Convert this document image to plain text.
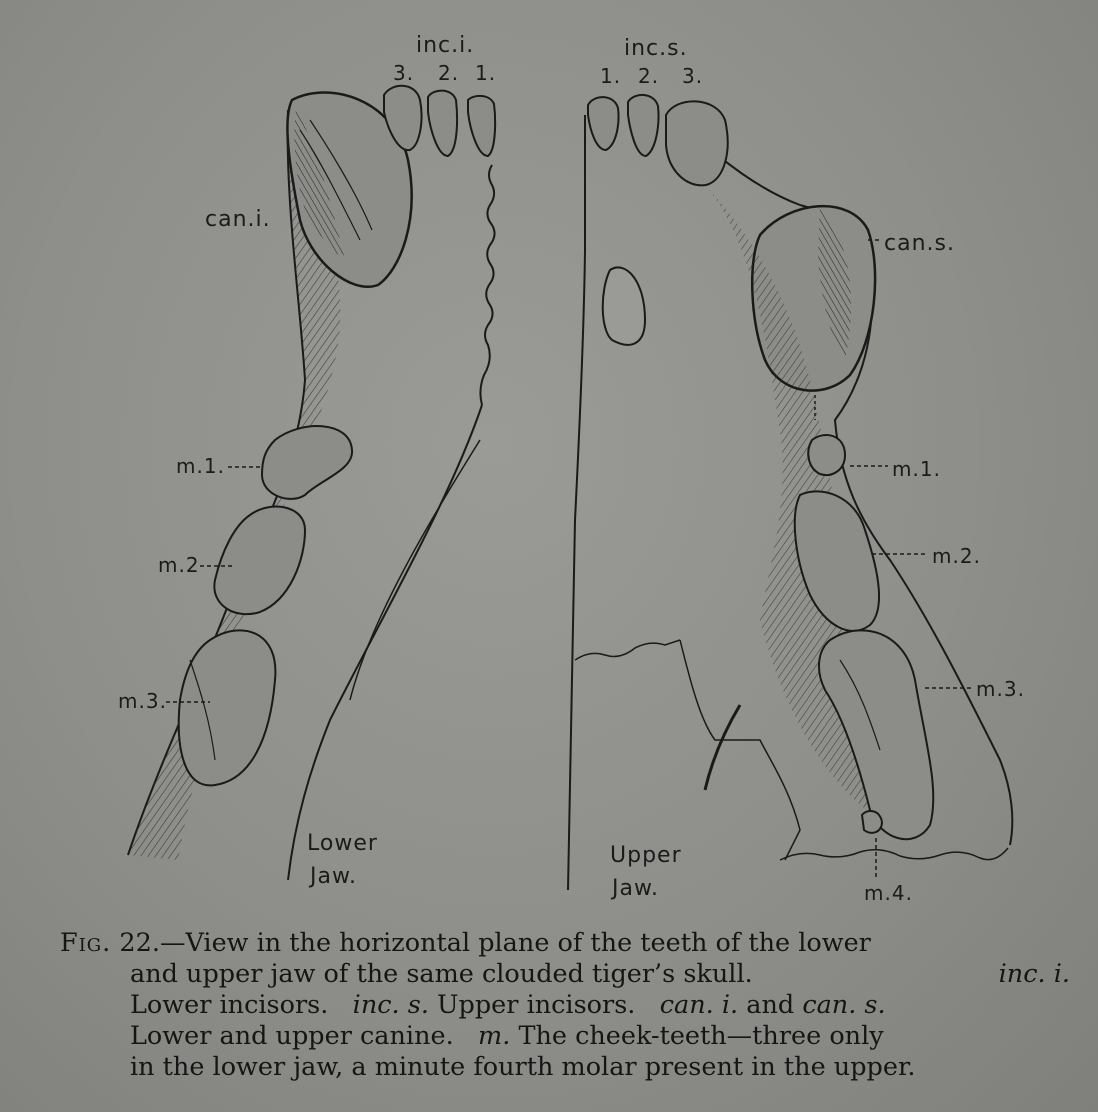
inc.i.
3. 2. 1.
inc.s.
1. 2. 3.
can.i.
can.s.
m.1.
m.2
m.3.
m.1.
m.2.
m.3.
m.4.
Lower
Jaw.
Upper
Jaw.

Fig. 22.—View in the horizontal plane of the teeth of the lower

and upper jaw of the same clouded tiger’s skull.	inc. i.

Lower incisors. inc. s. Upper incisors. can. i. and can. s.

Lower and upper canine. m. The cheek-teeth—three only

in the lower jaw, a minute fourth molar present in the upper.
